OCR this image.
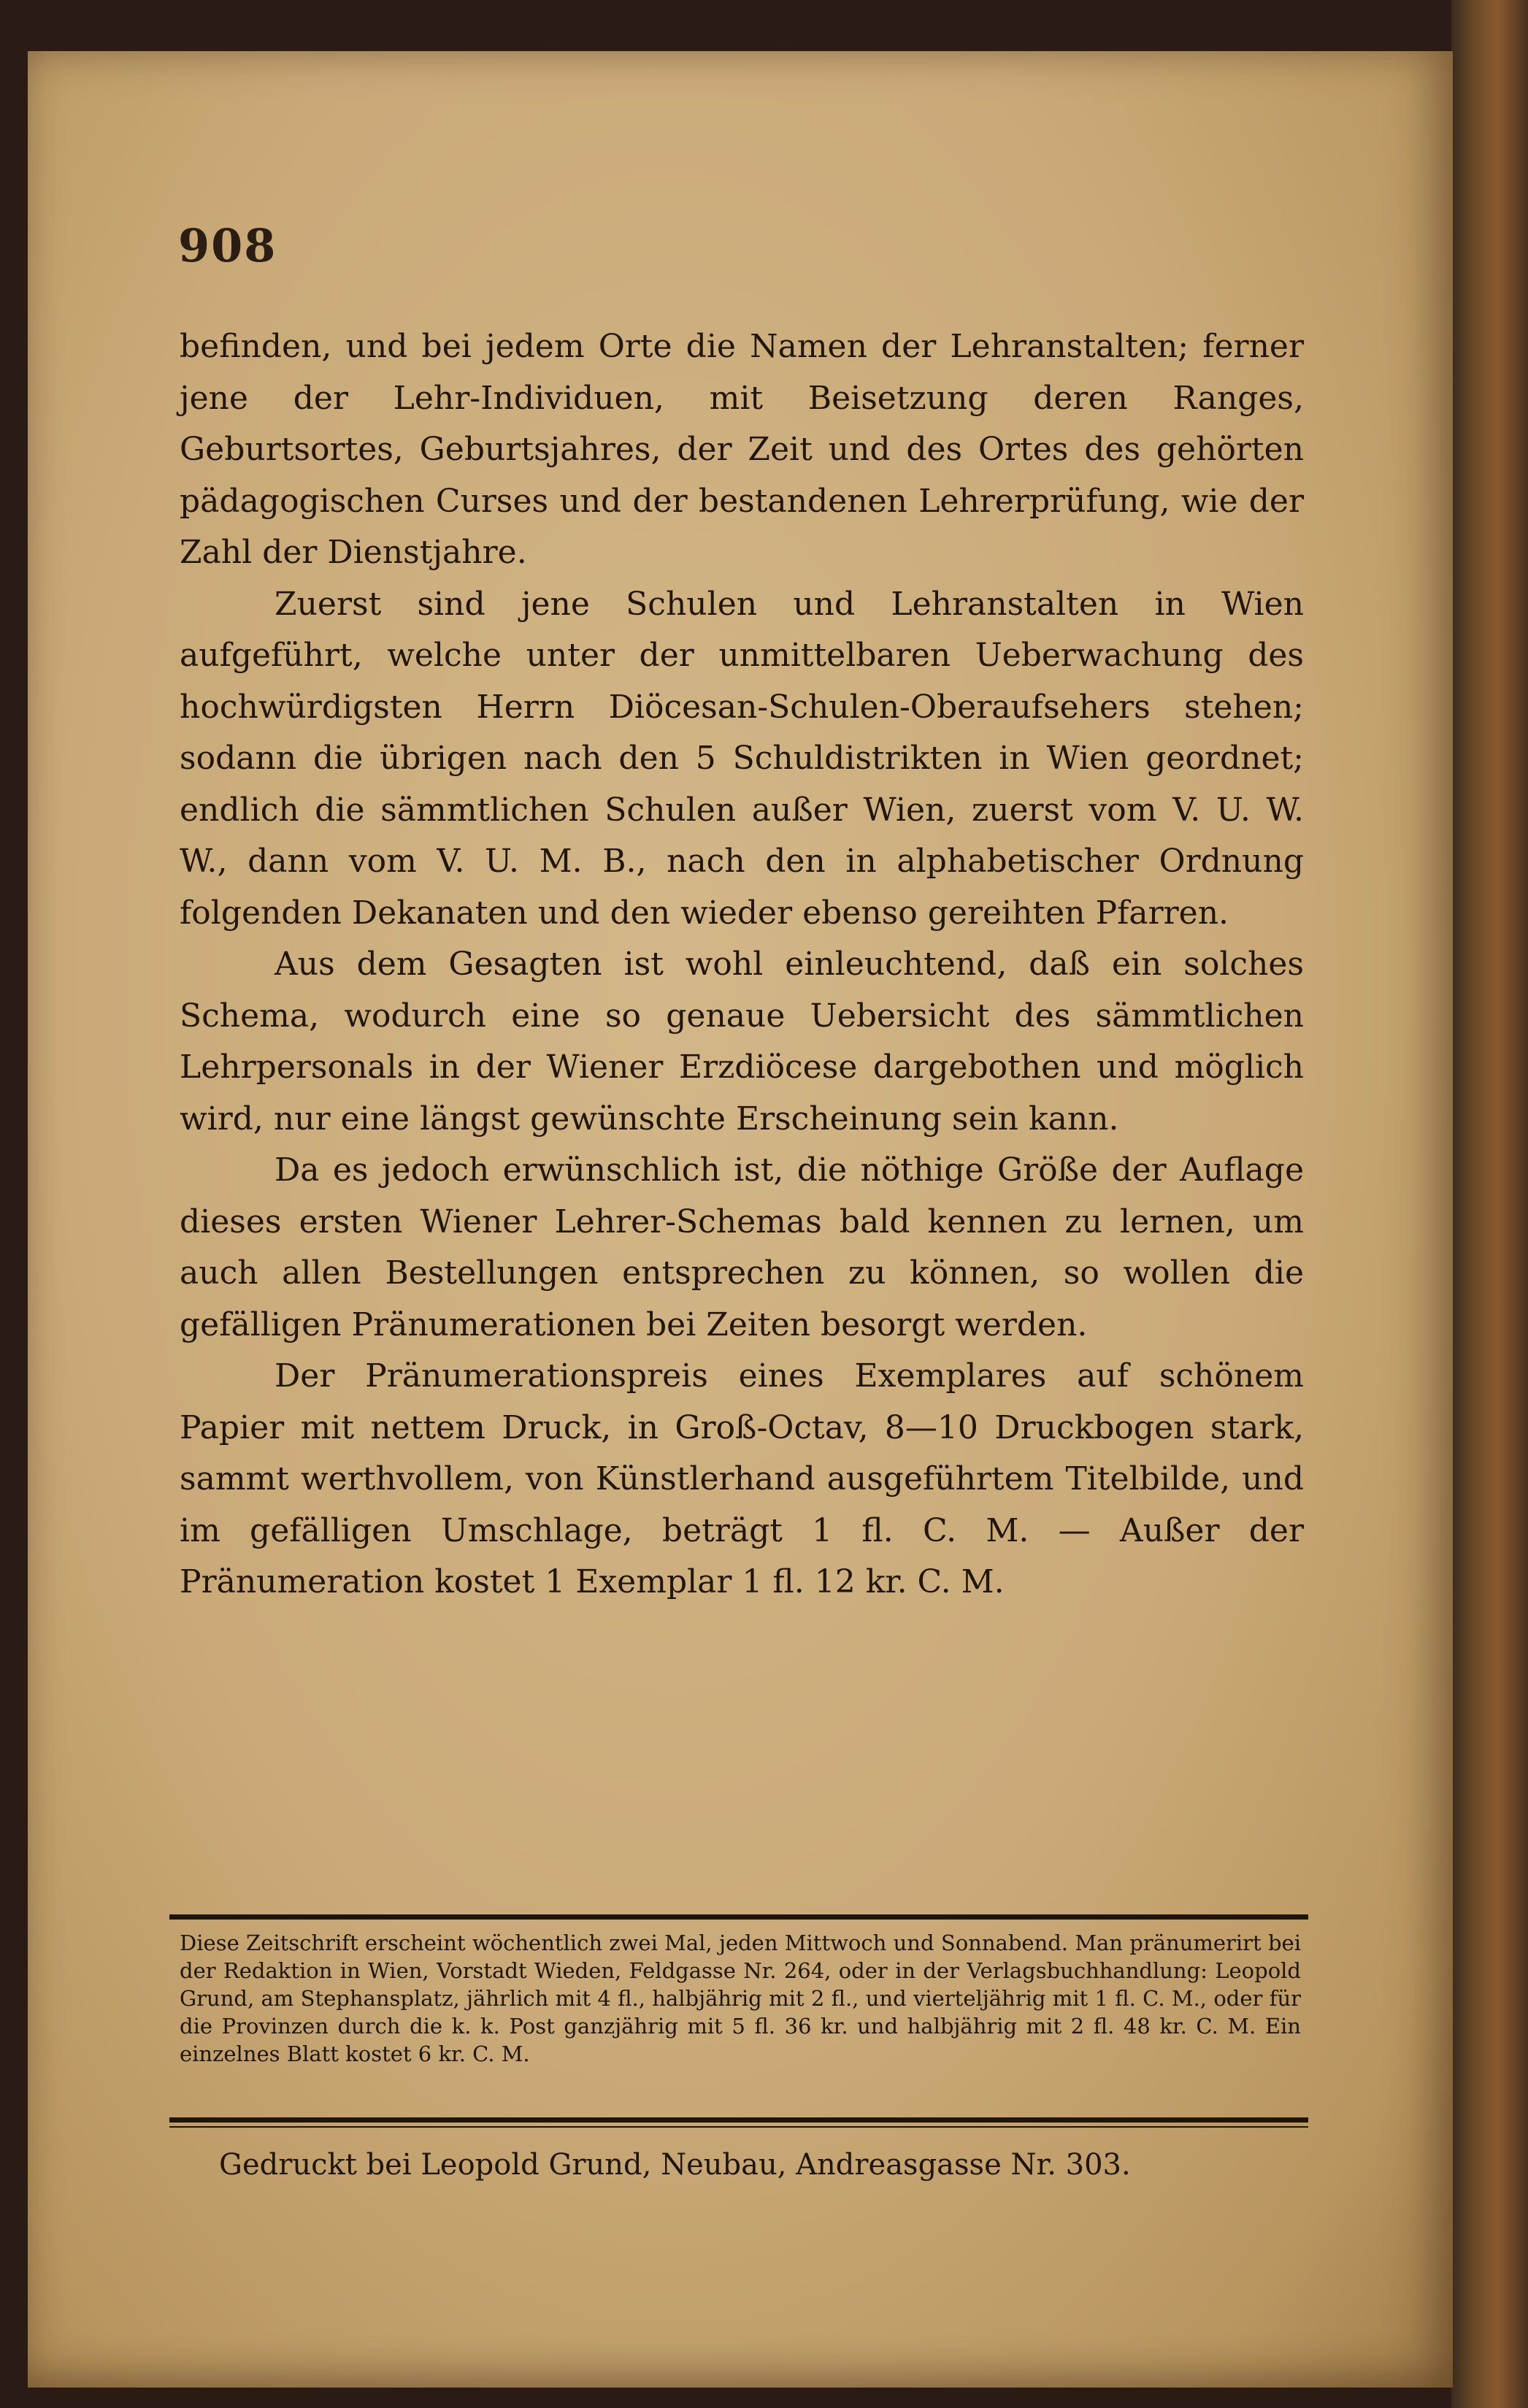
908

befinden, und bei jedem Orte die Namen der Lehranstalten; ferner jene der Lehr-Individuen, mit Beisetzung deren Ranges, Geburtsortes, Geburtsjahres, der Zeit und des Ortes des gehörten pädagogischen Curses und der bestandenen Lehrerprüfung, wie der Zahl der Dienstjahre.

Zuerst sind jene Schulen und Lehranstalten in Wien aufgeführt, welche unter der unmittelbaren Ueberwachung des hochwürdigsten Herrn Diöcesan-Schulen-Oberaufsehers stehen; sodann die übrigen nach den 5 Schuldistrikten in Wien geordnet; endlich die sämmtlichen Schulen außer Wien, zuerst vom V. U. W. W., dann vom V. U. M. B., nach den in alphabetischer Ordnung folgenden Dekanaten und den wieder ebenso gereihten Pfarren.

Aus dem Gesagten ist wohl einleuchtend, daß ein solches Schema, wodurch eine so genaue Uebersicht des sämmtlichen Lehrpersonals in der Wiener Erzdiöcese dargebothen und möglich wird, nur eine längst gewünschte Erscheinung sein kann.

Da es jedoch erwünschlich ist, die nöthige Größe der Auflage dieses ersten Wiener Lehrer-Schemas bald kennen zu lernen, um auch allen Bestellungen entsprechen zu können, so wollen die gefälligen Pränumerationen bei Zeiten besorgt werden.

Der Pränumerationspreis eines Exemplares auf schönem Papier mit nettem Druck, in Groß-Octav, 8—10 Druckbogen stark, sammt werthvollem, von Künstlerhand ausgeführtem Titelbilde, und im gefälligen Umschlage, beträgt 1 fl. C. M. — Außer der Pränumeration kostet 1 Exemplar 1 fl. 12 kr. C. M.

Diese Zeitschrift erscheint wöchentlich zwei Mal, jeden Mittwoch und Sonnabend. Man pränumerirt bei der Redaktion in Wien, Vorstadt Wieden, Feldgasse Nr. 264, oder in der Verlagsbuchhandlung: Leopold Grund, am Stephansplatz, jährlich mit 4 fl., halbjährig mit 2 fl., und vierteljährig mit 1 fl. C. M., oder für die Provinzen durch die k. k. Post ganzjährig mit 5 fl. 36 kr. und halbjährig mit 2 fl. 48 kr. C. M. Ein einzelnes Blatt kostet 6 kr. C. M.
Gedruckt bei Leopold Grund, Neubau, Andreasgasse Nr. 303.
